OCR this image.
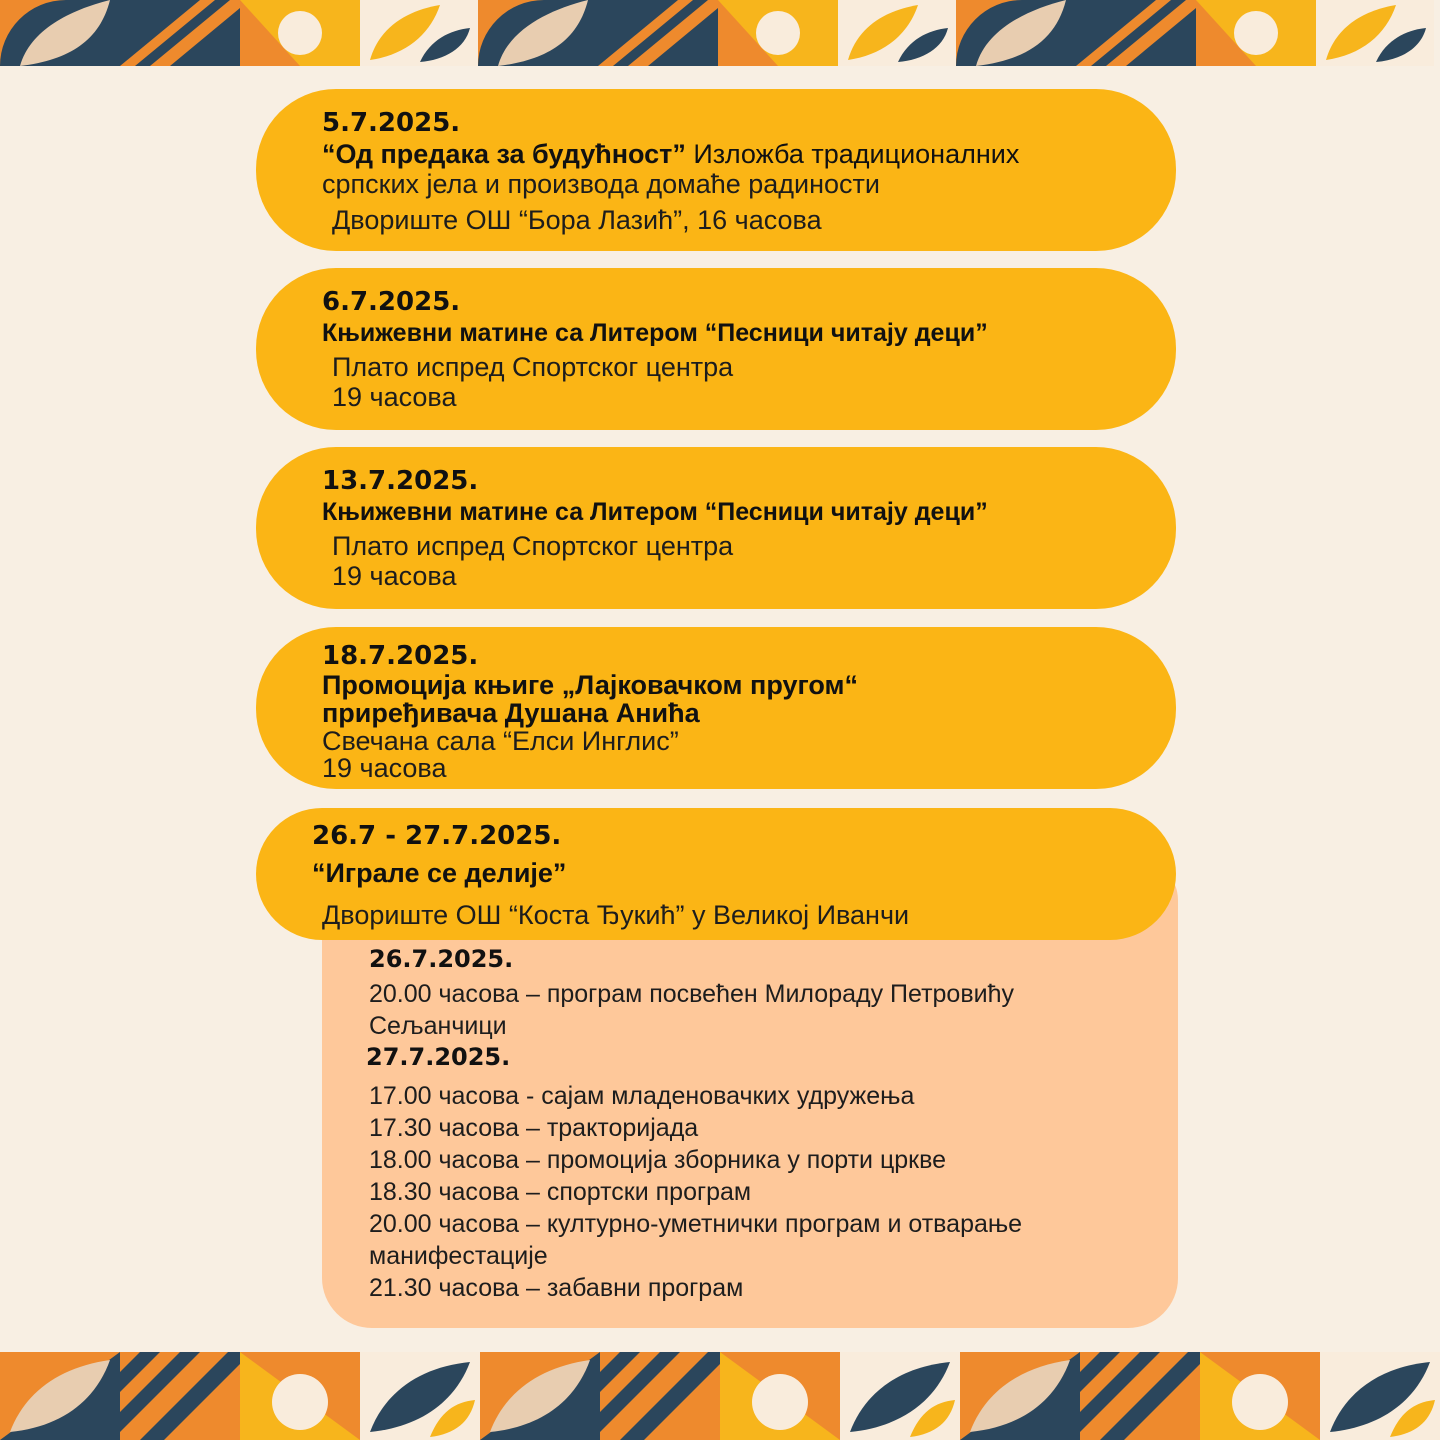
5.7.2025.
“Од предака за будућност” Изложба традиционалних
српских јела и производа домаће радиности
Двориште ОШ “Бора Лазић”, 16 часова
6.7.2025.
Књижевни матине са Литером “Песници читају деци”
Плато испред Спортског центра
19 часова
13.7.2025.
Књижевни матине са Литером “Песници читају деци”
Плато испред Спортског центра
19 часова
18.7.2025.
Промоција књиге „Лајковачком пругом“
приређивача Душана Анића
Свечана сала “Елси Инглис”
19 часова
26.7 - 27.7.2025.
“Играле се делије”
Двориште ОШ “Коста Ђукић” у Великој Иванчи
26.7.2025.
20.00 часова – програм посвећен Милораду Петровићу
Сељанчици
27.7.2025.
17.00 часова - сајам младеновачких удружења
17.30 часова – тракторијада
18.00 часова – промоција зборника у порти цркве
18.30 часова – спортски програм
20.00 часова – културно-уметнички програм и отварање
манифестације
21.30 часова – забавни програм
